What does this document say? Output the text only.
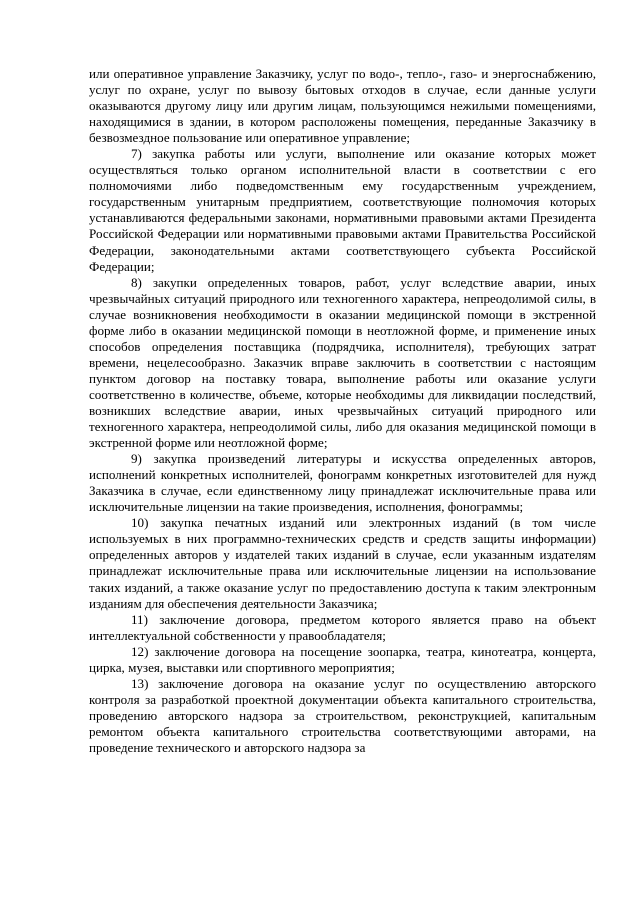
или оперативное управление Заказчику, услуг по водо-, тепло-, газо- и энергоснабжению, услуг по охране, услуг по вывозу бытовых отходов в случае, если данные услуги оказываются другому лицу или другим лицам, пользующимся нежилыми помещениями, находящимися в здании, в котором расположены помещения, переданные Заказчику в безвозмездное пользование или оперативное управление;

7) закупка работы или услуги, выполнение или оказание которых может осуществляться только органом исполнительной власти в соответствии с его полномочиями либо подведомственным ему государственным учреждением, государственным унитарным предприятием, соответствующие полномочия которых устанавливаются федеральными законами, нормативными правовыми актами Президента Российской Федерации или нормативными правовыми актами Правительства Российской Федерации, законодательными актами соответствующего субъекта Российской Федерации;

8) закупки определенных товаров, работ, услуг вследствие аварии, иных чрезвычайных ситуаций природного или техногенного характера, непреодолимой силы, в случае возникновения необходимости в оказании медицинской помощи в экстренной форме либо в оказании медицинской помощи в неотложной форме, и применение иных способов определения поставщика (подрядчика, исполнителя), требующих затрат времени, нецелесообразно. Заказчик вправе заключить в соответствии с настоящим пунктом договор на поставку товара, выполнение работы или оказание услуги соответственно в количестве, объеме, которые необходимы для ликвидации последствий, возникших вследствие аварии, иных чрезвычайных ситуаций природного или техногенного характера, непреодолимой силы, либо для оказания медицинской помощи в экстренной форме или неотложной форме;

9) закупка произведений литературы и искусства определенных авторов, исполнений конкретных исполнителей, фонограмм конкретных изготовителей для нужд Заказчика в случае, если единственному лицу принадлежат исключительные права или исключительные лицензии на такие произведения, исполнения, фонограммы;

10) закупка печатных изданий или электронных изданий (в том числе используемых в них программно-технических средств и средств защиты информации) определенных авторов у издателей таких изданий в случае, если указанным издателям принадлежат исключительные права или исключительные лицензии на использование таких изданий, а также оказание услуг по предоставлению доступа к таким электронным изданиям для обеспечения деятельности Заказчика;

11) заключение договора, предметом которого является право на объект интеллектуальной собственности у правообладателя;

12) заключение договора на посещение зоопарка, театра, кинотеатра, концерта, цирка, музея, выставки или спортивного мероприятия;

13) заключение договора на оказание услуг по осуществлению авторского контроля за разработкой проектной документации объекта капитального строительства, проведению авторского надзора за строительством, реконструкцией, капитальным ремонтом объекта капитального строительства соответствующими авторами, на проведение технического и авторского надзора за
